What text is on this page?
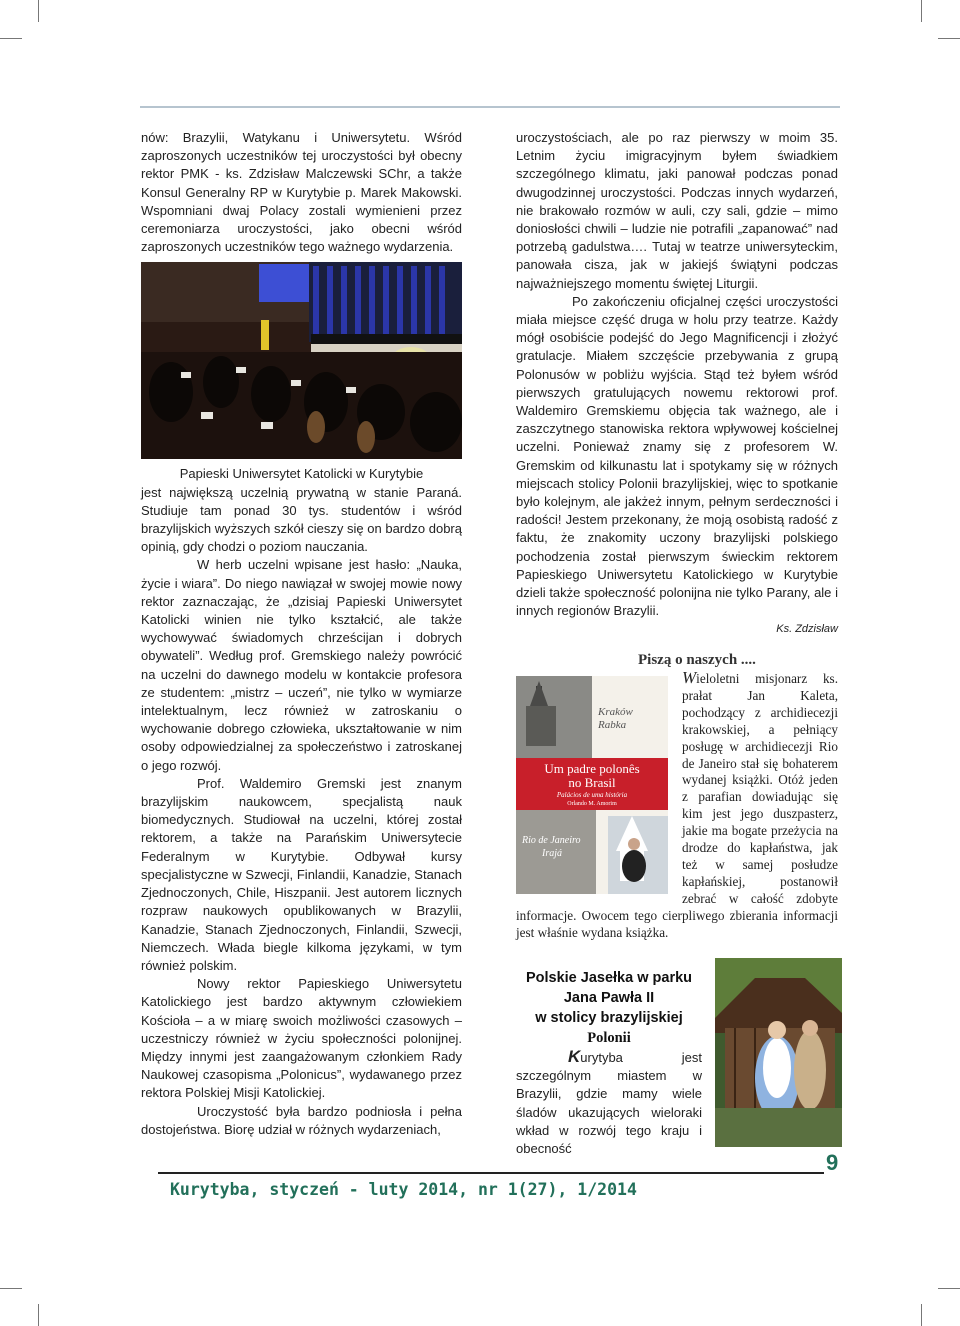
nów: Brazylii, Watykanu i Uniwersytetu. Wśród zaproszonych uczestników tej uroczystości był obecny rektor PMK - ks. Zdzisław Malczewski SChr, a także Konsul Generalny RP w Kurytybie p. Marek Makowski. Wspomniani dwaj Polacy zostali wymienieni przez ceremoniarza uroczystości, jako obecni wśród zaproszonych uczestników tego ważnego wydarzenia.

Papieski Uniwersytet Katolicki w Kurytybie

jest największą uczelnią prywatną w stanie Paraná. Studiuje tam ponad 30 tys. studentów i wśród brazylijskich wyższych szkół cieszy się on bardzo dobrą opinią, gdy chodzi o poziom nauczania.

W herb uczelni wpisane jest hasło: „Nauka, życie i wiara”. Do niego nawiązał w swojej mowie nowy rektor zaznaczając, że „dzisiaj Papieski Uniwersytet Katolicki winien nie tylko kształcić, ale także wychowywać świadomych chrześcijan i dobrych obywateli”. Według prof. Gremskiego należy powrócić na uczelni do dawnego modelu w kontakcie profesora ze studentem: „mistrz – uczeń”, nie tylko w wymiarze intelektualnym, lecz również w zatroskaniu o wychowanie dobrego człowieka, ukształtowanie w nim osoby odpowiedzialnej za społeczeństwo i zatroskanej o jego rozwój.

Prof. Waldemiro Gremski jest znanym brazylijskim naukowcem, specjalistą nauk biomedycznych. Studiował na uczelni, której został rektorem, a także na Parańskim Uniwersytecie Federalnym w Kurytybie. Odbywał kursy specjalistyczne w Szwecji, Finlandii, Kanadzie, Stanach Zjednoczonych, Chile, Hiszpanii. Jest autorem licznych rozpraw naukowych opublikowanych w Brazylii, Kanadzie, Stanach Zjednoczonych, Finlandii, Szwecji, Niemczech. Włada biegle kilkoma językami, w tym również polskim.

Nowy rektor Papieskiego Uniwersytetu Katolickiego jest bardzo aktywnym człowiekiem Kościoła – a w miarę swoich możliwości czasowych – uczestniczy również w życiu społeczności polonijnej. Między innymi jest zaangażowanym członkiem Rady Naukowej czasopisma „Polonicus”, wydawanego przez rektora Polskiej Misji Katolickiej.

Uroczystość była bardzo podniosła i pełna dostojeństwa. Biorę udział w różnych wydarzeniach,

uroczystościach, ale po raz pierwszy w moim 35. Letnim życiu imigracyjnym byłem świadkiem szczególnego klimatu, jaki panował podczas ponad dwugodzinnej uroczystości. Podczas innych wydarzeń, nie brakowało rozmów w auli, czy sali, gdzie – mimo doniosłości chwili – ludzie nie potrafili „zapanować” nad potrzebą gadulstwa…. Tutaj w teatrze uniwersyteckim, panowała cisza, jak w jakiejś świątyni podczas najważniejszego momentu świętej Liturgii.

Po zakończeniu oficjalnej części uroczystości miała miejsce część druga w holu przy teatrze. Każdy mógł osobiście podejść do Jego Magnificencji i złożyć gratulacje. Miałem szczęście przebywania z grupą Polonusów w pobliżu wyjścia. Stąd też byłem wśród pierwszych gratulujących nowemu rektorowi prof. Waldemiro Gremskiemu objęcia tak ważnego, ale i zaszczytnego stanowiska rektora wpływowej kościelnej uczelni. Ponieważ znamy się z profesorem W. Gremskim od kilkunastu lat i spotykamy się w różnych miejscach stolicy Polonii brazylijskiej, więc to spotkanie było kolejnym, ale jakżeż innym, pełnym serdeczności i radości! Jestem przekonany, że moją osobistą radość z faktu, że znakomity uczony brazylijski polskiego pochodzenia został pierwszym świeckim rektorem Papieskiego Uniwersytetu Katolickiego w Kurytybie dzieli także społeczność polonijna nie tylko Parany, ale i innych regionów Brazylii.

Ks. Zdzisław

Piszą o naszych ....
Kraków
Rabka
Um padre polonês
no Brasil
Palácios de uma história
Orlando M. Amorim
Rio de Janeiro
Irajá
Wieloletni misjonarz ks. prałat Jan Kaleta, pochodzący z archidiecezji krakowskiej, a pełniący posługę w archidiecezji Rio de Janeiro stał się bohaterem wydanej książki. Otóż jeden z parafian dowiadując się kim jest jego duszpasterz, jakie ma bogate przeżycia na drodze do kapłaństwa, jak też w samej posłudze kapłańskiej, postanowił zebrać w całość zdobyte informacje. Owocem tego cierpliwego zbierania informacji jest właśnie wydana książka.
Polskie Jasełka w parku
Jana Pawła II
w stolicy brazylijskiej
Polonii
Kurytyba jest szczególnym miastem w Brazylii, gdzie mamy wiele śladów ukazujących wieloraki wkład w rozwój tego kraju i obecność
9
Kurytyba, styczeń - luty 2014, nr 1(27), 1/2014
